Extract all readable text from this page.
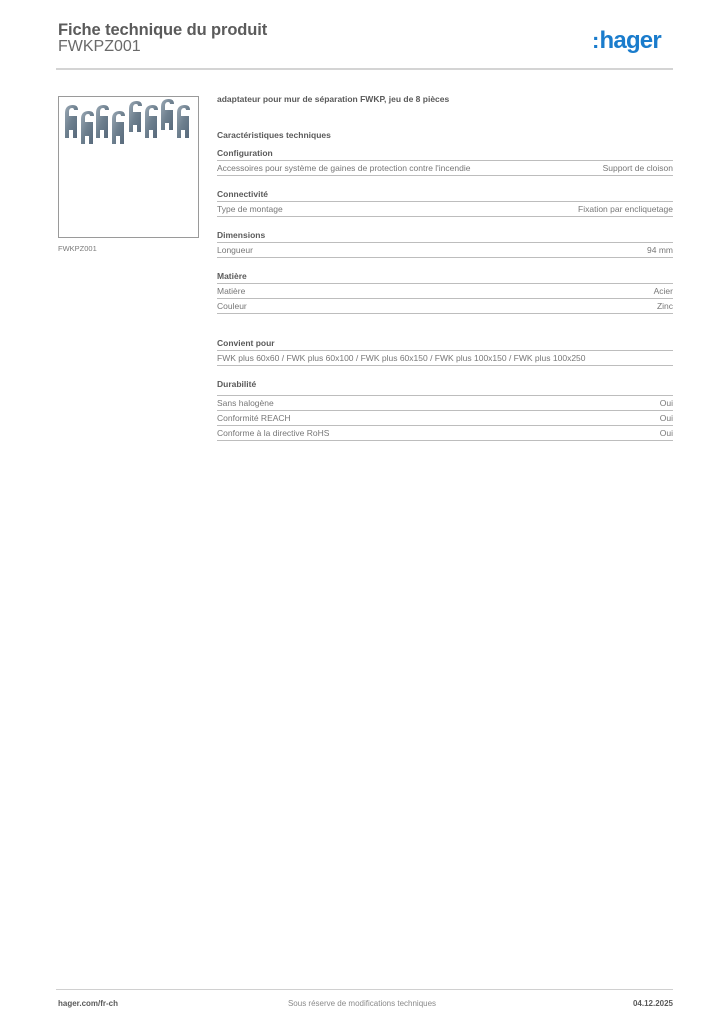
Fiche technique du produit
FWKPZ001	:hager
FWKPZ001
adaptateur pour mur de séparation FWKP, jeu de 8 pièces
Caractéristiques techniques
Configuration
Accessoires pour système de gaines de protection contre l'incendie	Support de cloison
Connectivité
Type de montage	Fixation par encliquetage
Dimensions
Longueur	94 mm
Matière
Matière	Acier
Couleur	Zinc
Convient pour
FWK plus 60x60 / FWK plus 60x100 / FWK plus 60x150 / FWK plus 100x150 / FWK plus 100x250
Durabilité
Sans halogène	Oui
Conformité REACH	Oui
Conforme à la directive RoHS	Oui
hager.com/fr-ch	Sous réserve de modifications techniques	04.12.2025
